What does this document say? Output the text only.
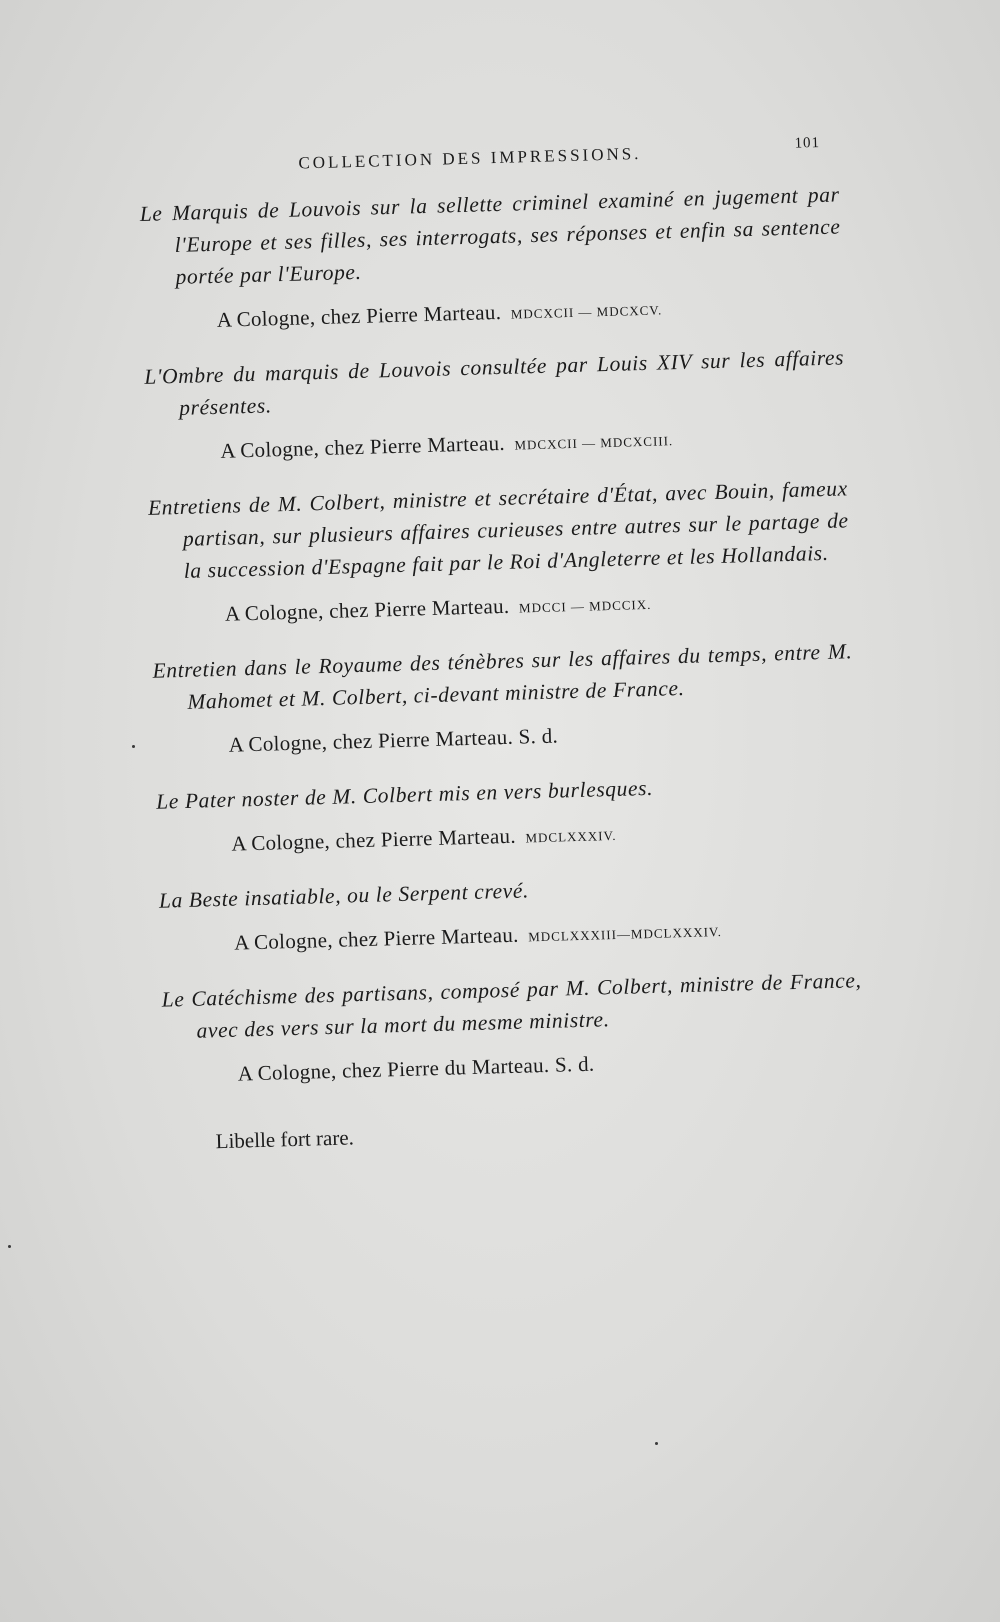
COLLECTION DES IMPRESSIONS.
101
Le Marquis de Louvois sur la sellette criminel examiné en jugement par l'Europe et ses filles, ses interrogats, ses réponses et enfin sa sentence portée par l'Europe.
A Cologne, chez Pierre Marteau. MDCXCII — MDCXCV.
L'Ombre du marquis de Louvois consultée par Louis XIV sur les affaires présentes.
A Cologne, chez Pierre Marteau. MDCXCII — MDCXCIII.
Entretiens de M. Colbert, ministre et secrétaire d'État, avec Bouin, fameux partisan, sur plusieurs affaires curieuses entre autres sur le partage de la succession d'Espagne fait par le Roi d'Angleterre et les Hollandais.
A Cologne, chez Pierre Marteau. MDCCI — MDCCIX.
Entretien dans le Royaume des ténèbres sur les affaires du temps, entre M. Mahomet et M. Colbert, ci-devant ministre de France.
A Cologne, chez Pierre Marteau. S. d.
Le Pater noster de M. Colbert mis en vers burlesques.
A Cologne, chez Pierre Marteau. MDCLXXXIV.
La Beste insatiable, ou le Serpent crevé.
A Cologne, chez Pierre Marteau. MDCLXXXIII—MDCLXXXIV.
Le Catéchisme des partisans, composé par M. Colbert, ministre de France, avec des vers sur la mort du mesme ministre.
A Cologne, chez Pierre du Marteau. S. d.
Libelle fort rare.
